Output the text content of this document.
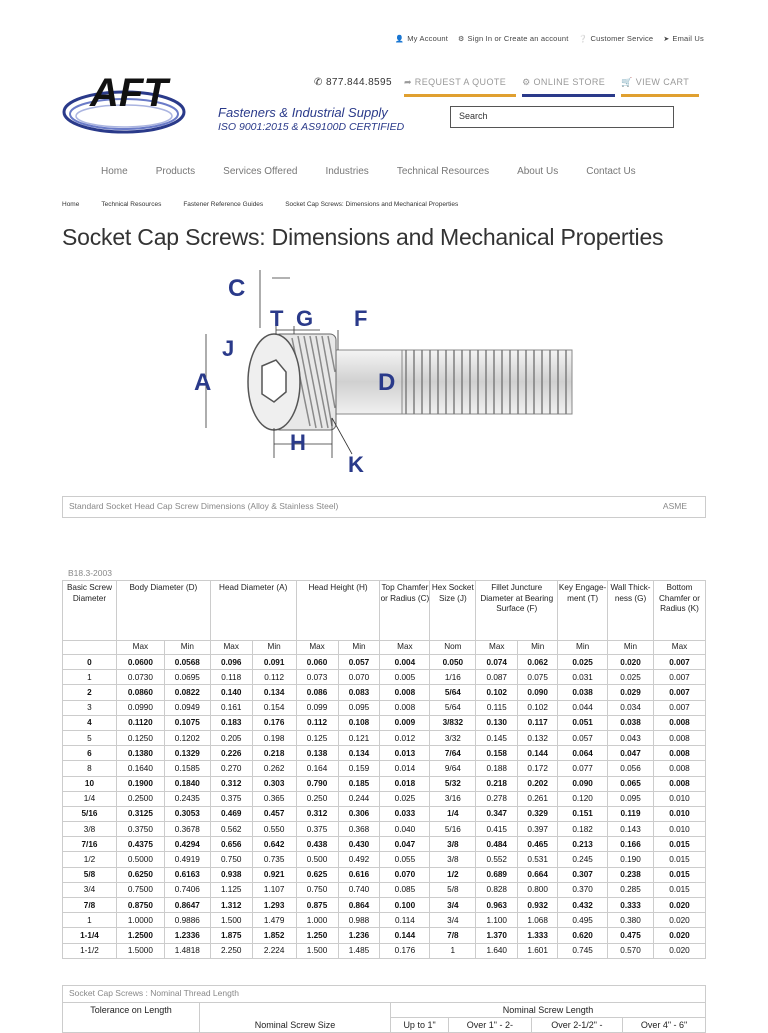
👤 My Account ⚙ Sign In or Create an account ❔ Customer Service ➤ Email Us
AFT	Fasteners & Industrial Supply
ISO 9001:2015 & AS9100D CERTIFIED
✆ 877.844.8595	➦ REQUEST A QUOTE	⚙ ONLINE STORE	🛒 VIEW CART
Search
Home	Products	Services Offered	Industries	Technical Resources	About Us	Contact Us
Home	Technical Resources	Fastener Reference Guides	Socket Cap Screws: Dimensions and Mechanical Properties
Socket Cap Screws: Dimensions and Mechanical Properties
C
T G F
J
A	D
H
K
Standard Socket Head Cap Screw Dimensions (Alloy & Stainless Steel)	ASME
B18.3-2003
Basic Screw Diameter	Body Diameter (D)		Head Diameter (A)		Head Height (H)		Top Chamfer or Radius (C)	Hex Socket Size (J)	Fillet Juncture Diameter at Bearing Surface (F)		Key Engage-ment (T)	Wall Thick-ness (G)	Bottom Chamfer or Radius (K)
	Max	Min	Max	Min	Max	Min	Max	Nom	Max	Min	Min	Min	Max
0	0.0600	0.0568	0.096	0.091	0.060	0.057	0.004	0.050	0.074	0.062	0.025	0.020	0.007
1	0.0730	0.0695	0.118	0.112	0.073	0.070	0.005	1/16	0.087	0.075	0.031	0.025	0.007
2	0.0860	0.0822	0.140	0.134	0.086	0.083	0.008	5/64	0.102	0.090	0.038	0.029	0.007
3	0.0990	0.0949	0.161	0.154	0.099	0.095	0.008	5/64	0.115	0.102	0.044	0.034	0.007
4	0.1120	0.1075	0.183	0.176	0.112	0.108	0.009	3/832	0.130	0.117	0.051	0.038	0.008
5	0.1250	0.1202	0.205	0.198	0.125	0.121	0.012	3/32	0.145	0.132	0.057	0.043	0.008
6	0.1380	0.1329	0.226	0.218	0.138	0.134	0.013	7/64	0.158	0.144	0.064	0.047	0.008
8	0.1640	0.1585	0.270	0.262	0.164	0.159	0.014	9/64	0.188	0.172	0.077	0.056	0.008
10	0.1900	0.1840	0.312	0.303	0.790	0.185	0.018	5/32	0.218	0.202	0.090	0.065	0.008
1/4	0.2500	0.2435	0.375	0.365	0.250	0.244	0.025	3/16	0.278	0.261	0.120	0.095	0.010
5/16	0.3125	0.3053	0.469	0.457	0.312	0.306	0.033	1/4	0.347	0.329	0.151	0.119	0.010
3/8	0.3750	0.3678	0.562	0.550	0.375	0.368	0.040	5/16	0.415	0.397	0.182	0.143	0.010
7/16	0.4375	0.4294	0.656	0.642	0.438	0.430	0.047	3/8	0.484	0.465	0.213	0.166	0.015
1/2	0.5000	0.4919	0.750	0.735	0.500	0.492	0.055	3/8	0.552	0.531	0.245	0.190	0.015
5/8	0.6250	0.6163	0.938	0.921	0.625	0.616	0.070	1/2	0.689	0.664	0.307	0.238	0.015
3/4	0.7500	0.7406	1.125	1.107	0.750	0.740	0.085	5/8	0.828	0.800	0.370	0.285	0.015
7/8	0.8750	0.8647	1.312	1.293	0.875	0.864	0.100	3/4	0.963	0.932	0.432	0.333	0.020
1	1.0000	0.9886	1.500	1.479	1.000	0.988	0.114	3/4	1.100	1.068	0.495	0.380	0.020
1-1/4	1.2500	1.2336	1.875	1.852	1.250	1.236	0.144	7/8	1.370	1.333	0.620	0.475	0.020
1-1/2	1.5000	1.4818	2.250	2.224	1.500	1.485	0.176	1	1.640	1.601	0.745	0.570	0.020
Socket Cap Screws : Nominal Thread Length
Tolerance on Length	Nominal Screw Size	Nominal Screw Length			
		Up to 1"	Over 1" - 2-	Over 2-1/2" -	Over 4" - 6"
